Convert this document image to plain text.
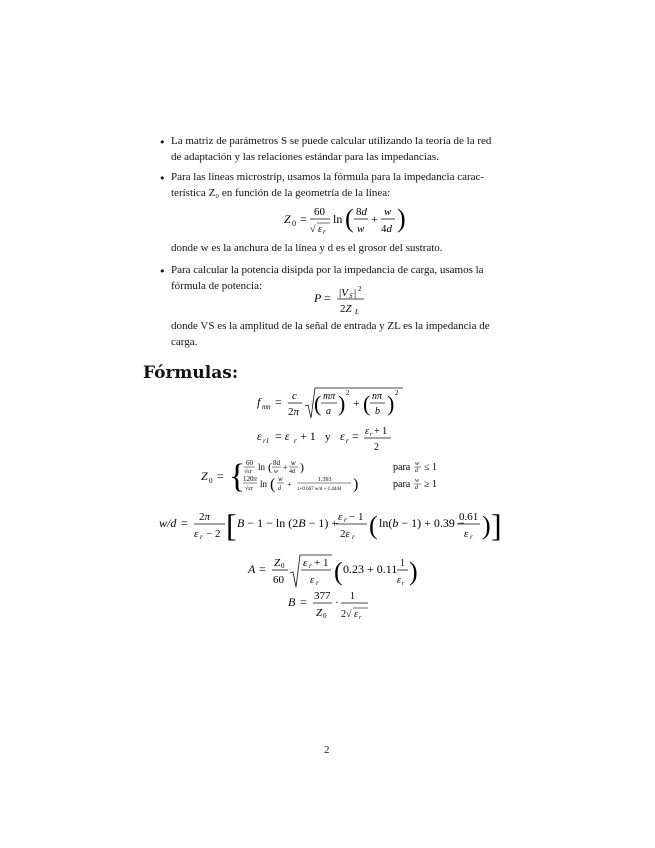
• La matriz de parámetros S se puede calcular utilizando la teoría de la red
de adaptación y las relaciones estándar para las impedancias.
• Para las líneas microstrip, usamos la fórmula para la impedancia carac-
terística Z₀ en función de la geometría de la línea:
Z 0 = 60
√ ε r
ln ( 8d
w
+ w
4d )
donde w es la anchura de la línea y d es el grosor del sustrato.
• Para calcular la potencia disipda por la impedancia de carga, usamos la
fórmula de potencia:
P = |V S | 2
2Z L
donde VS es la amplitud de la señal de entrada y ZL es la impedancia de
carga.
Fórmulas:
f mn = c
2π ( mπ
a ) 2
+ ( nπ
b ) 2
ε r1 = ε r + 1 y ε r = ε r + 1
2
Z 0 = { 60
√εr ln ( 8d
w + w
4d )	para w
d ≤ 1
120π
√εr ln ( w
d +	1.393
1+0.667 w/d + 1.4444 )	para w
d ≥ 1
w/d = 2π
ε r − 2 [ B − 1 − ln (2B − 1) + ε r − 1
2ε r ( ln(b − 1) + 0.39 −
0.61
ε r ) ]
A = Z 0
60
ε r + 1
ε r ( 0.23 + 0.11 1
ε r )
B = 377
Z 0
· 1
2√ ε r
2
